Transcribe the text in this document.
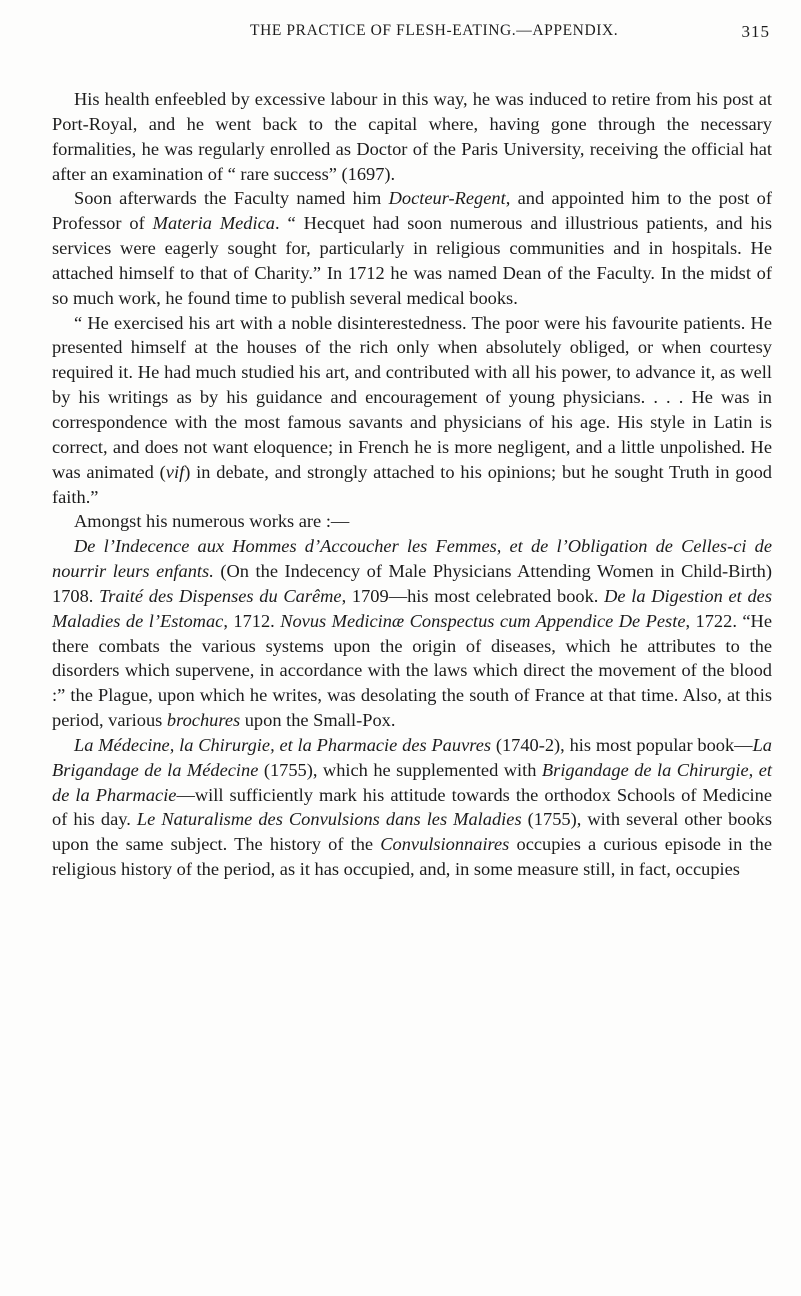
THE PRACTICE OF FLESH-EATING.—APPENDIX.	315

His health enfeebled by excessive labour in this way, he was induced to retire from his post at Port-Royal, and he went back to the capital where, having gone through the necessary formalities, he was regularly enrolled as Doctor of the Paris University, receiving the official hat after an examination of “ rare success” (1697).

Soon afterwards the Faculty named him Docteur-Regent, and appointed him to the post of Professor of Materia Medica. “ Hecquet had soon numerous and illustrious patients, and his services were eagerly sought for, particularly in religious communities and in hospitals. He attached himself to that of Charity.” In 1712 he was named Dean of the Faculty. In the midst of so much work, he found time to publish several medical books.

“ He exercised his art with a noble disinterestedness. The poor were his favourite patients. He presented himself at the houses of the rich only when absolutely obliged, or when courtesy required it. He had much studied his art, and contributed with all his power, to advance it, as well by his writings as by his guidance and encouragement of young physicians. . . . He was in correspondence with the most famous savants and physicians of his age. His style in Latin is correct, and does not want eloquence; in French he is more negligent, and a little unpolished. He was animated (vif) in debate, and strongly attached to his opinions; but he sought Truth in good faith.”

Amongst his numerous works are :—

De l’Indecence aux Hommes d’Accoucher les Femmes, et de l’Obligation de Celles-ci de nourrir leurs enfants. (On the Indecency of Male Physicians Attending Women in Child-Birth) 1708. Traité des Dispenses du Carême, 1709—his most celebrated book. De la Digestion et des Maladies de l’Estomac, 1712. Novus Medicinæ Conspectus cum Appendice De Peste, 1722. “He there combats the various systems upon the origin of diseases, which he attributes to the disorders which supervene, in accordance with the laws which direct the movement of the blood :” the Plague, upon which he writes, was desolating the south of France at that time. Also, at this period, various brochures upon the Small-Pox.

La Médecine, la Chirurgie, et la Pharmacie des Pauvres (1740-2), his most popular book—La Brigandage de la Médecine (1755), which he supplemented with Brigandage de la Chirurgie, et de la Pharmacie—will sufficiently mark his attitude towards the orthodox Schools of Medicine of his day. Le Naturalisme des Convulsions dans les Maladies (1755), with several other books upon the same subject. The history of the Convulsionnaires occupies a curious episode in the religious history of the period, as it has occupied, and, in some measure still, in fact, occupies
